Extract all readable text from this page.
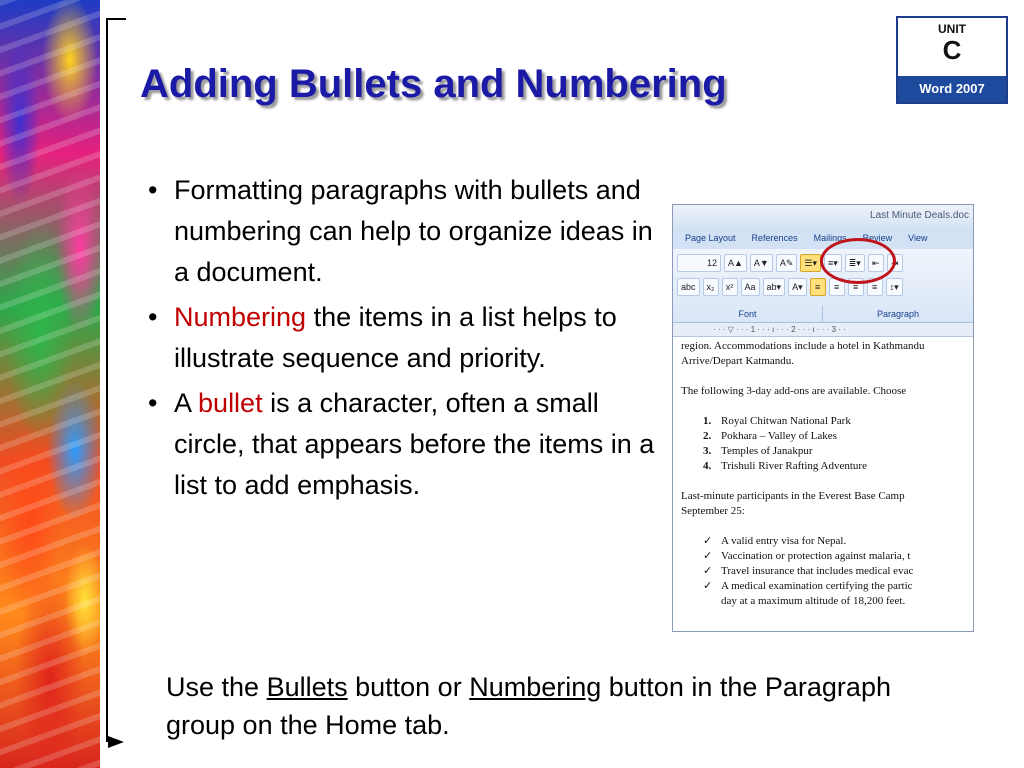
Adding Bullets and Numbering
UNIT
C
Word 2007
• Formatting paragraphs with bullets and numbering can help to organize ideas in a document.
• Numbering the items in a list helps to illustrate sequence and priority.
• A bullet is a character, often a small circle, that appears before the items in a list to add emphasis.
Last Minute Deals.doc
Page Layout	References	Mailings	Review	View
12	A▲	A▼	A✎	☰▾	≡▾	≣▾	⇤	⇥
abc	x₂	x²	Aa	ab▾	A▾	≡	≡	≡	≡	↕▾
Font	Paragraph
· · · ▽ · · · 1 · · · ı · · · 2 · · · ı · · · 3 · ·

region. Accommodations include a hotel in Kathmandu

Arrive/Depart Katmandu.

The following 3-day add-ons are available. Choose

1. Royal Chitwan National Park
2. Pokhara – Valley of Lakes
3. Temples of Janakpur
4. Trishuli River Rafting Adventure

Last-minute participants in the Everest Base Camp

September 25:

✓ A valid entry visa for Nepal.
✓ Vaccination or protection against malaria, t
✓ Travel insurance that includes medical evac
✓ A medical examination certifying the partic
day at a maximum altitude of 18,200 feet.

Use the Bullets button or Numbering button in the Paragraph group on the Home tab.
